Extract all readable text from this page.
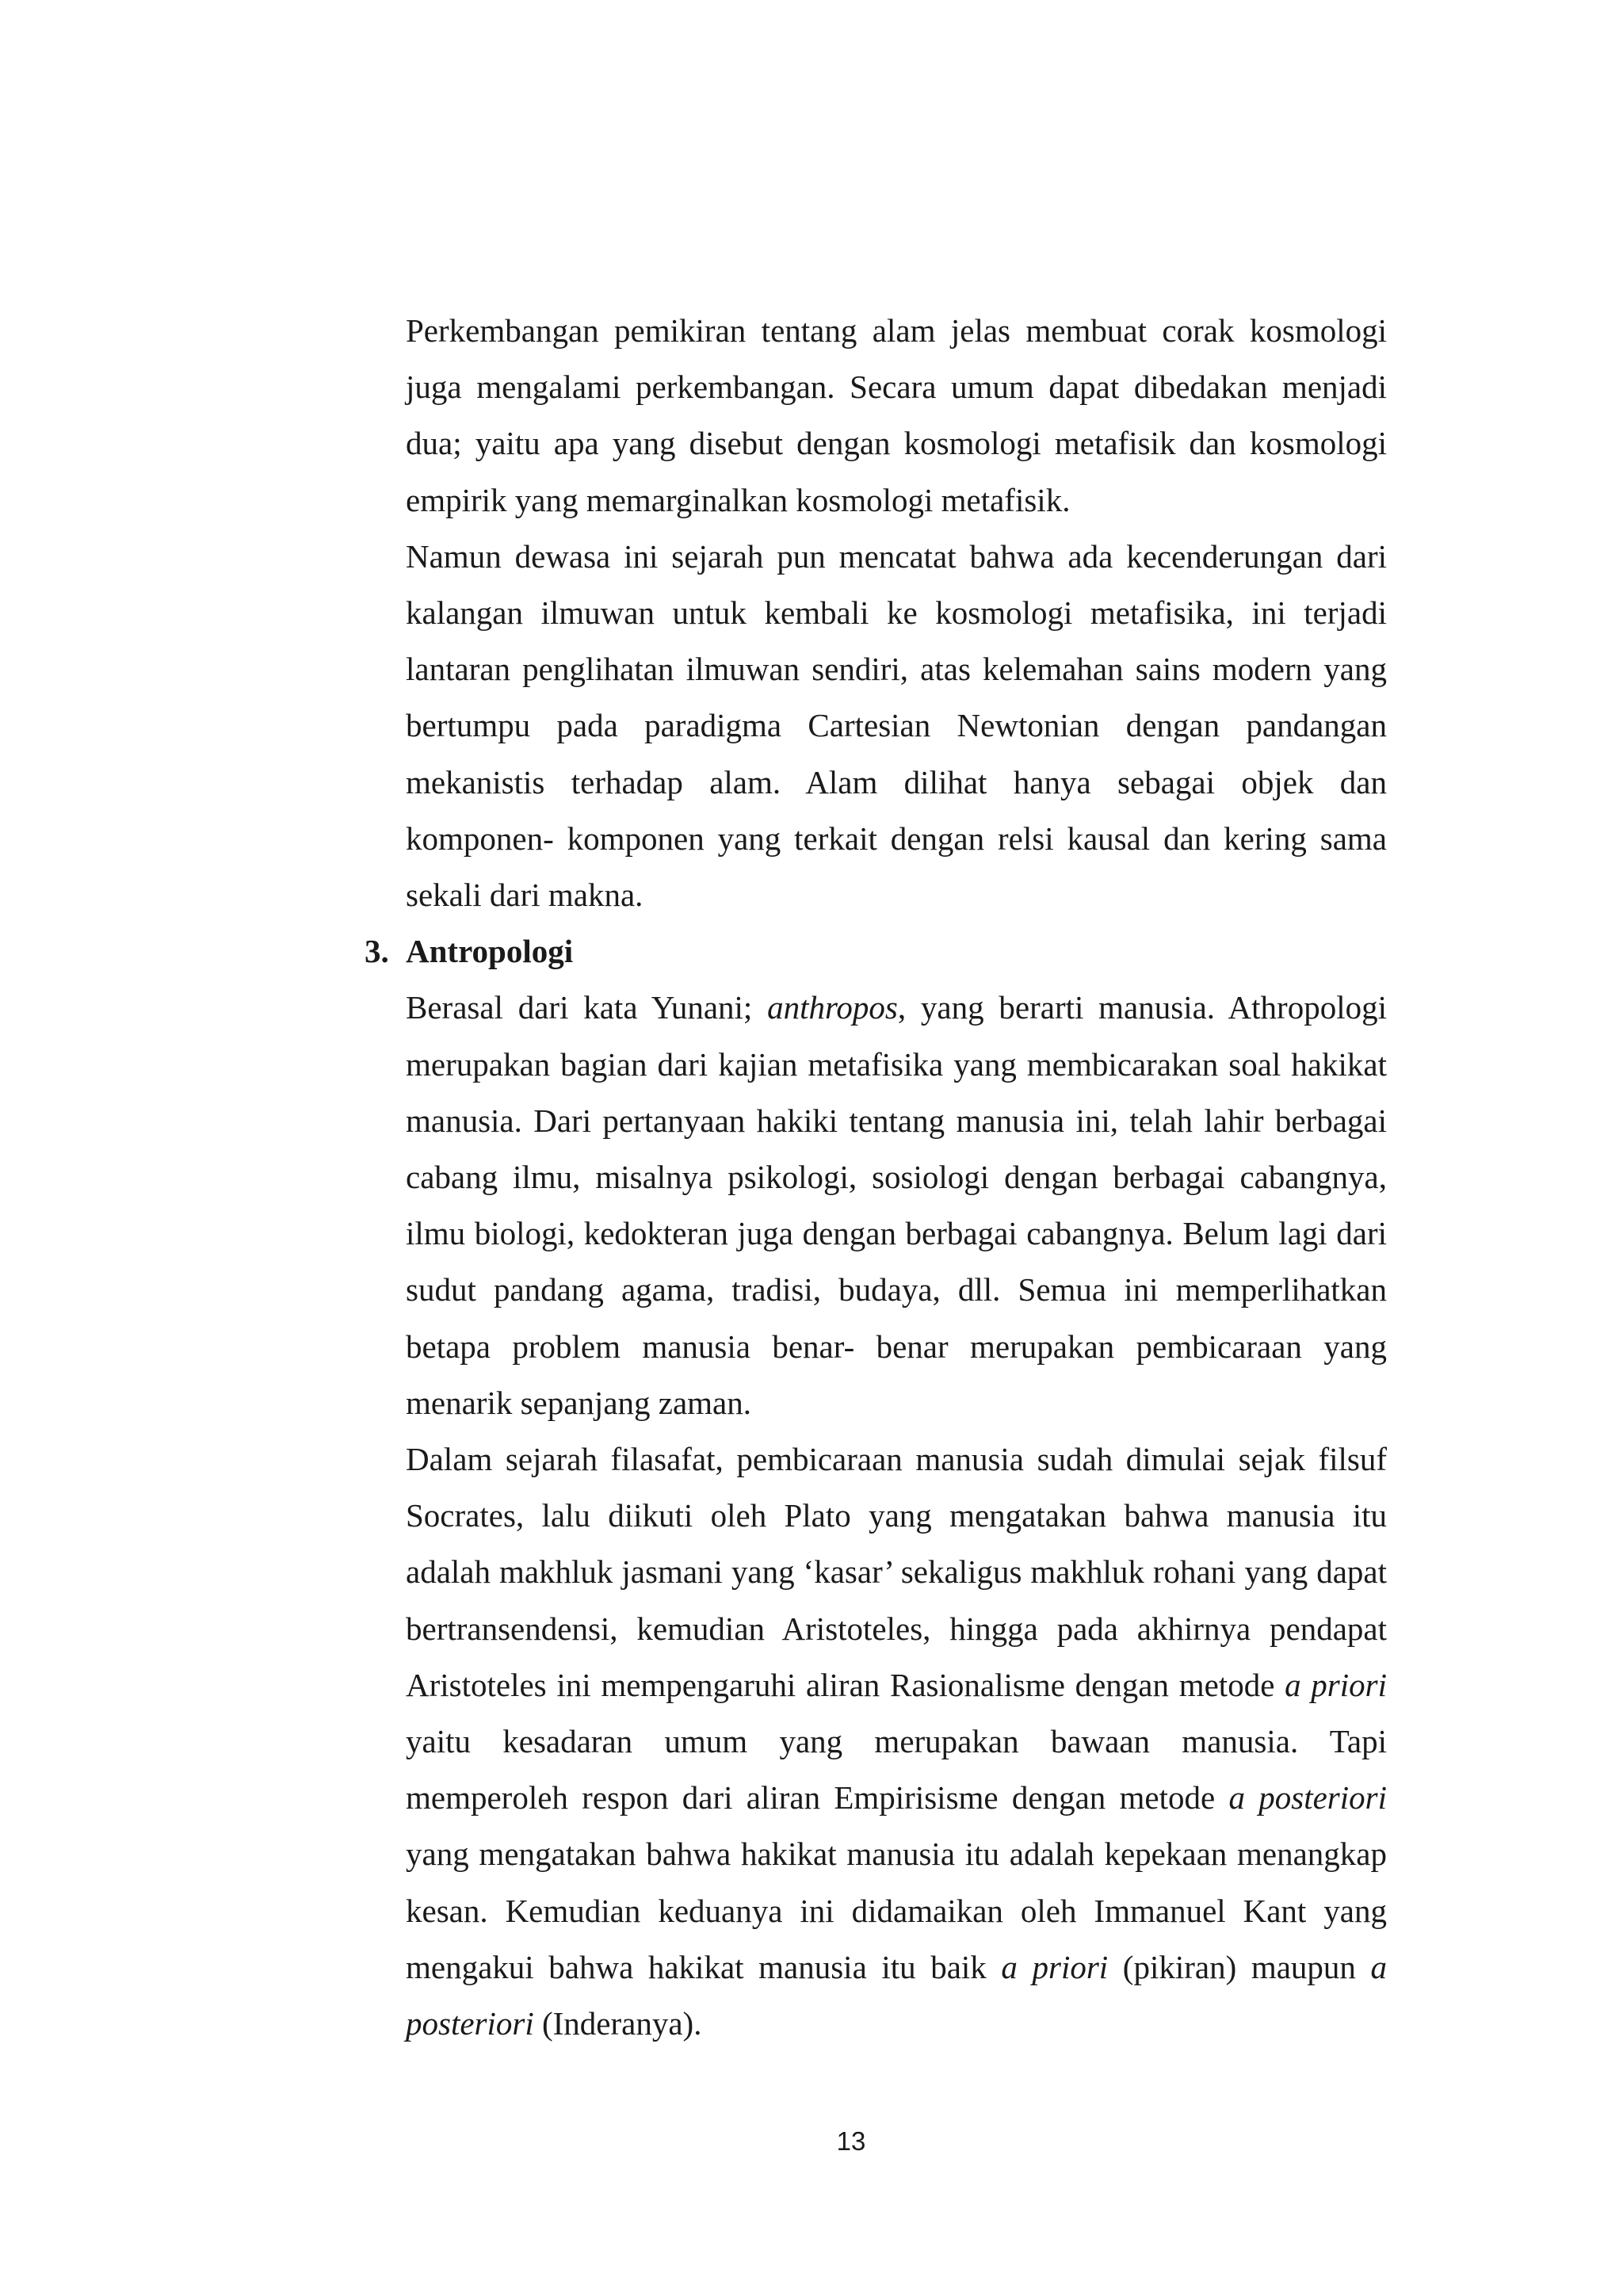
Perkembangan pemikiran tentang alam jelas membuat corak kosmologi juga mengalami perkembangan. Secara umum dapat dibedakan menjadi dua; yaitu apa yang disebut dengan kosmologi metafisik dan kosmologi empirik yang memarginalkan kosmologi metafisik.

Namun dewasa ini sejarah pun mencatat bahwa ada kecenderungan dari kalangan ilmuwan untuk kembali ke kosmologi metafisika, ini terjadi lantaran penglihatan ilmuwan sendiri, atas kelemahan sains modern yang bertumpu pada paradigma Cartesian Newtonian dengan pandangan mekanistis terhadap alam. Alam dilihat hanya sebagai objek dan komponen- komponen yang terkait dengan relsi kausal dan kering sama sekali dari makna.

3. Antropologi

Berasal dari kata Yunani; anthropos, yang berarti manusia. Athropologi merupakan bagian dari kajian metafisika yang membicarakan soal hakikat manusia. Dari pertanyaan hakiki tentang manusia ini, telah lahir berbagai cabang ilmu, misalnya psikologi, sosiologi dengan berbagai cabangnya, ilmu biologi, kedokteran juga dengan berbagai cabangnya. Belum lagi dari sudut pandang agama, tradisi, budaya, dll. Semua ini memperlihatkan betapa problem manusia benar- benar merupakan pembicaraan yang menarik sepanjang zaman.

Dalam sejarah filasafat, pembicaraan manusia sudah dimulai sejak filsuf Socrates, lalu diikuti oleh Plato yang mengatakan bahwa manusia itu adalah makhluk jasmani yang ‘kasar’ sekaligus makhluk rohani yang dapat bertransendensi, kemudian Aristoteles, hingga pada akhirnya pendapat Aristoteles ini mempengaruhi aliran Rasionalisme dengan metode a priori yaitu kesadaran umum yang merupakan bawaan manusia. Tapi memperoleh respon dari aliran Empirisisme dengan metode a posteriori yang mengatakan bahwa hakikat manusia itu adalah kepekaan menangkap kesan. Kemudian keduanya ini didamaikan oleh Immanuel Kant yang mengakui bahwa hakikat manusia itu baik a priori (pikiran) maupun a posteriori (Inderanya).

13
